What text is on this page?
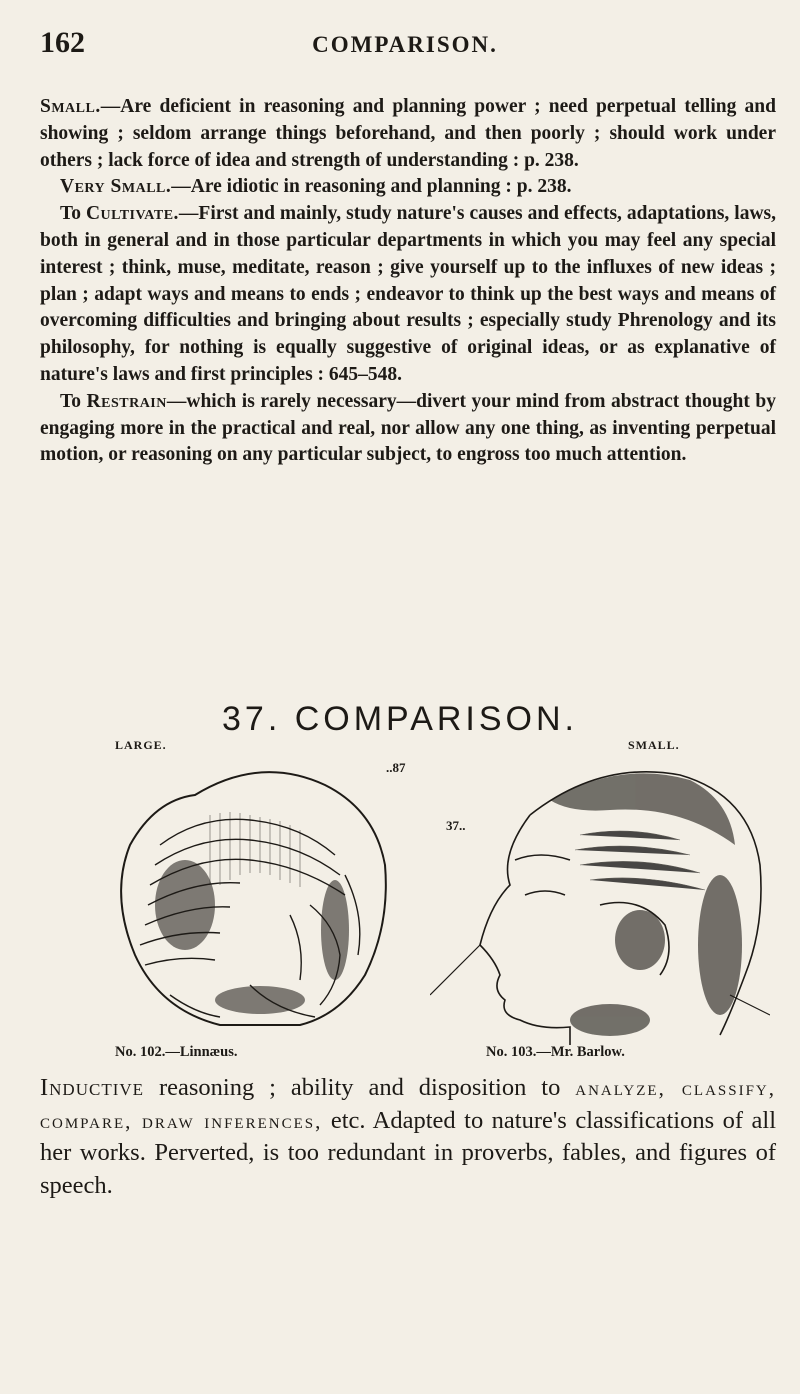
162	COMPARISON.

Small.—Are deficient in reasoning and planning power ; need perpetual telling and showing ; seldom arrange things beforehand, and then poorly ; should work under others ; lack force of idea and strength of understanding : p. 238.

Very Small.—Are idiotic in reasoning and planning : p. 238.

To Cultivate.—First and mainly, study nature's causes and effects, adaptations, laws, both in general and in those particular departments in which you may feel any special interest ; think, muse, meditate, reason ; give yourself up to the influxes of new ideas ; plan ; adapt ways and means to ends ; endeavor to think up the best ways and means of overcoming difficulties and bringing about results ; especially study Phrenology and its philosophy, for nothing is equally suggestive of original ideas, or as explanative of nature's laws and first principles : 645–548.

To Restrain—which is rarely necessary—divert your mind from abstract thought by engaging more in the practical and real, nor allow any one thing, as inventing perpetual motion, or reasoning on any particular subject, to engross too much attention.

37. COMPARISON.
LARGE.	SMALL.
..87
37..
No. 102.—Linnæus.	No. 103.—Mr. Barlow.

Inductive reasoning ; ability and disposition to analyze, classify, compare, draw inferences, etc. Adapted to nature's classifications of all her works. Perverted, is too redundant in proverbs, fables, and figures of speech.
